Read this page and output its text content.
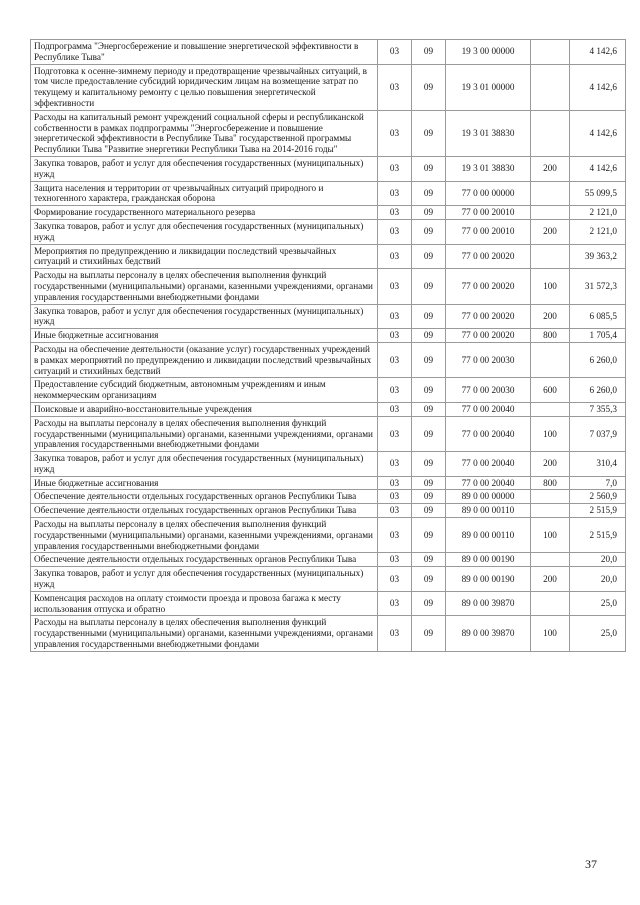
Подпрограмма "Энергосбережение и повышение энергетической эффективности в Республике Тыва"	03	09	19 3 00 00000		4 142,6
Подготовка к осенне-зимнему периоду и предотвращение чрезвычайных ситуаций, в том числе предоставление субсидий юридическим лицам на возмещение затрат по текущему и капитальному ремонту с целью повышения энергетической эффективности	03	09	19 3 01 00000		4 142,6
Расходы на капитальный ремонт учреждений социальной сферы и республиканской собственности в рамках подпрограммы "Энергосбережение и повышение энергетической эффективности в Республике Тыва" государственной программы Республики Тыва "Развитие энергетики Республики Тыва на 2014-2016 годы"	03	09	19 3 01 38830		4 142,6
Закупка товаров, работ и услуг для обеспечения государственных (муниципальных) нужд	03	09	19 3 01 38830	200	4 142,6
Защита населения и территории от чрезвычайных ситуаций природного и техногенного характера, гражданская оборона	03	09	77 0 00 00000		55 099,5
Формирование государственного материального резерва	03	09	77 0 00 20010		2 121,0
Закупка товаров, работ и услуг для обеспечения государственных (муниципальных) нужд	03	09	77 0 00 20010	200	2 121,0
Мероприятия по предупреждению и ликвидации последствий чрезвычайных ситуаций и стихийных бедствий	03	09	77 0 00 20020		39 363,2
Расходы на выплаты персоналу в целях обеспечения выполнения функций государственными (муниципальными) органами, казенными учреждениями, органами управления государственными внебюджетными фондами	03	09	77 0 00 20020	100	31 572,3
Закупка товаров, работ и услуг для обеспечения государственных (муниципальных) нужд	03	09	77 0 00 20020	200	6 085,5
Иные бюджетные ассигнования	03	09	77 0 00 20020	800	1 705,4
Расходы на обеспечение деятельности (оказание услуг) государственных учреждений в рамках мероприятий по предупреждению и ликвидации последствий чрезвычайных ситуаций и стихийных бедствий	03	09	77 0 00 20030		6 260,0
Предоставление субсидий бюджетным, автономным учреждениям и иным некоммерческим организациям	03	09	77 0 00 20030	600	6 260,0
Поисковые и аварийно-восстановительные учреждения	03	09	77 0 00 20040		7 355,3
Расходы на выплаты персоналу в целях обеспечения выполнения функций государственными (муниципальными) органами, казенными учреждениями, органами управления государственными внебюджетными фондами	03	09	77 0 00 20040	100	7 037,9
Закупка товаров, работ и услуг для обеспечения государственных (муниципальных) нужд	03	09	77 0 00 20040	200	310,4
Иные бюджетные ассигнования	03	09	77 0 00 20040	800	7,0
Обеспечение деятельности отдельных государственных органов Республики Тыва	03	09	89 0 00 00000		2 560,9
Обеспечение деятельности отдельных государственных органов Республики Тыва	03	09	89 0 00 00110		2 515,9
Расходы на выплаты персоналу в целях обеспечения выполнения функций государственными (муниципальными) органами, казенными учреждениями, органами управления государственными внебюджетными фондами	03	09	89 0 00 00110	100	2 515,9
Обеспечение деятельности отдельных государственных органов Республики Тыва	03	09	89 0 00 00190		20,0
Закупка товаров, работ и услуг для обеспечения государственных (муниципальных) нужд	03	09	89 0 00 00190	200	20,0
Компенсация расходов на оплату стоимости проезда и провоза багажа к месту использования отпуска и обратно	03	09	89 0 00 39870		25,0
Расходы на выплаты персоналу в целях обеспечения выполнения функций государственными (муниципальными) органами, казенными учреждениями, органами управления государственными внебюджетными фондами	03	09	89 0 00 39870	100	25,0
37
